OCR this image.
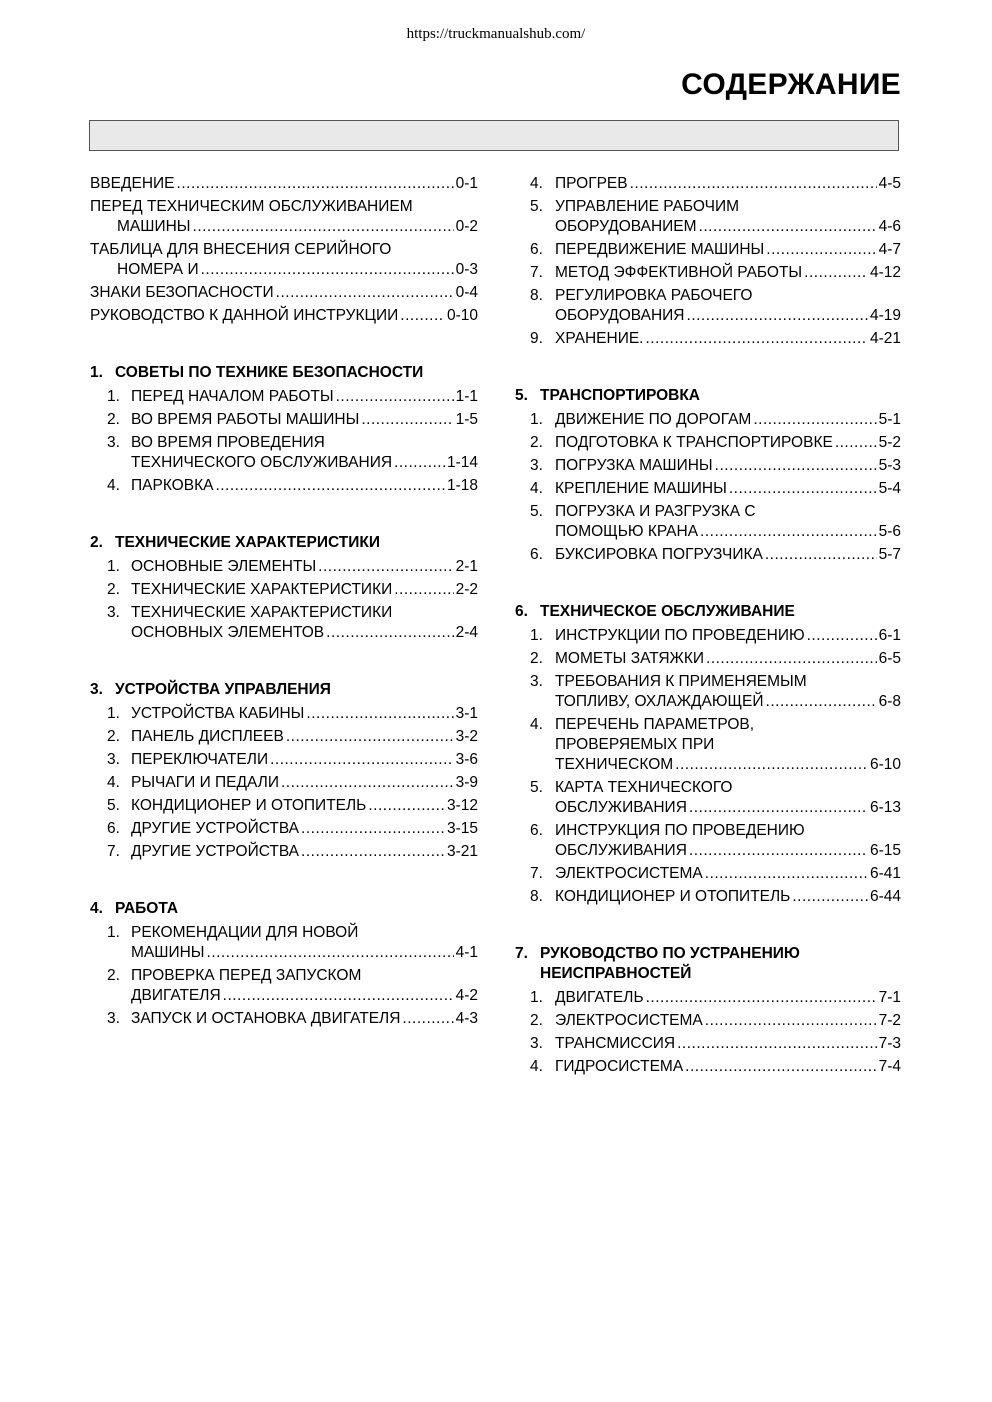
https://truckmanualshub.com/
СОДЕРЖАНИЕ
ВВЕДЕНИЕ .....	0-1
ПЕРЕД ТЕХНИЧЕСКИМ ОБСЛУЖИВАНИЕМ
МАШИНЫ .....	0-2
ТАБЛИЦА ДЛЯ ВНЕСЕНИЯ СЕРИЙНОГО
НОМЕРА И .....	0-3
ЗНАКИ БЕЗОПАСНОСТИ .....	0-4
РУКОВОДСТВО К ДАННОЙ ИНСТРУКЦИИ .....	0-10
1. СОВЕТЫ ПО ТЕХНИКЕ БЕЗОПАСНОСТИ
1. ПЕРЕД НАЧАЛОМ РАБОТЫ .....	1-1
2. ВО ВРЕМЯ РАБОТЫ МАШИНЫ .....	1-5
3. ВО ВРЕМЯ ПРОВЕДЕНИЯ
ТЕХНИЧЕСКОГО ОБСЛУЖИВАНИЯ .....	1-14
4. ПАРКОВКА .....	1-18
2. ТЕХНИЧЕСКИЕ ХАРАКТЕРИСТИКИ
1. ОСНОВНЫЕ ЭЛЕМЕНТЫ .....	2-1
2. ТЕХНИЧЕСКИЕ ХАРАКТЕРИСТИКИ .....	2-2
3. ТЕХНИЧЕСКИЕ ХАРАКТЕРИСТИКИ
ОСНОВНЫХ ЭЛЕМЕНТОВ .....	2-4
3. УСТРОЙСТВА УПРАВЛЕНИЯ
1. УСТРОЙСТВА КАБИНЫ .....	3-1
2. ПАНЕЛЬ ДИСПЛЕЕВ .....	3-2
3. ПЕРЕКЛЮЧАТЕЛИ .....	3-6
4. РЫЧАГИ И ПЕДАЛИ .....	3-9
5. КОНДИЦИОНЕР И ОТОПИТЕЛЬ .....	3-12
6. ДРУГИЕ УСТРОЙСТВА .....	3-15
7. ДРУГИЕ УСТРОЙСТВА .....	3-21
4. РАБОТА
1. РЕКОМЕНДАЦИИ ДЛЯ НОВОЙ
МАШИНЫ .....	4-1
2. ПРОВЕРКА ПЕРЕД ЗАПУСКОМ
ДВИГАТЕЛЯ .....	4-2
3. ЗАПУСК И ОСТАНОВКА ДВИГАТЕЛЯ .....	4-3
4. ПРОГРЕВ .....	4-5
5. УПРАВЛЕНИЕ РАБОЧИМ
ОБОРУДОВАНИЕМ .....	4-6
6. ПЕРЕДВИЖЕНИЕ МАШИНЫ .....	4-7
7. МЕТОД ЭФФЕКТИВНОЙ РАБОТЫ .....	4-12
8. РЕГУЛИРОВКА РАБОЧЕГО
ОБОРУДОВАНИЯ .....	4-19
9. ХРАНЕНИЕ. .....	4-21
5. ТРАНСПОРТИРОВКА
1. ДВИЖЕНИЕ ПО ДОРОГАМ .....	5-1
2. ПОДГОТОВКА К ТРАНСПОРТИРОВКЕ .....	5-2
3. ПОГРУЗКА МАШИНЫ .....	5-3
4. КРЕПЛЕНИЕ МАШИНЫ .....	5-4
5. ПОГРУЗКА И РАЗГРУЗКА С
ПОМОЩЬЮ КРАНА .....	5-6
6. БУКСИРОВКА ПОГРУЗЧИКА .....	5-7
6. ТЕХНИЧЕСКОЕ ОБСЛУЖИВАНИЕ
1. ИНСТРУКЦИИ ПО ПРОВЕДЕНИЮ .....	6-1
2. МОМЕТЫ ЗАТЯЖКИ .....	6-5
3. ТРЕБОВАНИЯ К ПРИМЕНЯЕМЫМ
ТОПЛИВУ, ОХЛАЖДАЮЩЕЙ .....	6-8
4. ПЕРЕЧЕНЬ ПАРАМЕТРОВ,
ПРОВЕРЯЕМЫХ ПРИ
ТЕХНИЧЕСКОМ .....	6-10
5. КАРТА ТЕХНИЧЕСКОГО
ОБСЛУЖИВАНИЯ .....	6-13
6. ИНСТРУКЦИЯ ПО ПРОВЕДЕНИЮ
ОБСЛУЖИВАНИЯ .....	6-15
7. ЭЛЕКТРОСИСТЕМА .....	6-41
8. КОНДИЦИОНЕР И ОТОПИТЕЛЬ .....	6-44
7. РУКОВОДСТВО ПО УСТРАНЕНИЮ
НЕИСПРАВНОСТЕЙ
1. ДВИГАТЕЛЬ .....	7-1
2. ЭЛЕКТРОСИСТЕМА .....	7-2
3. ТРАНСМИССИЯ .....	7-3
4. ГИДРОСИСТЕМА .....	7-4
